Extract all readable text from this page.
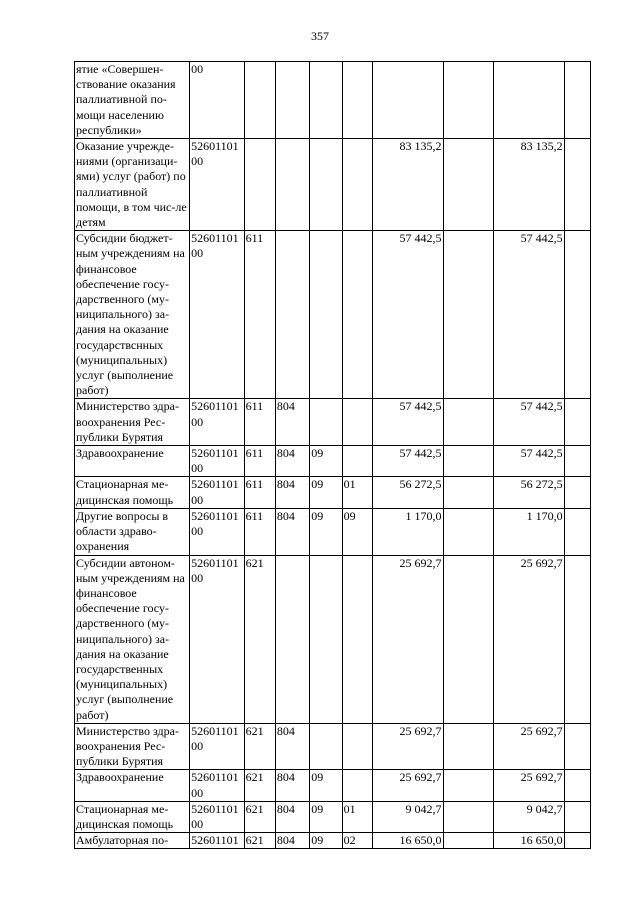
357
ятие «Совершен-ствование оказания паллиативной по-мощи населению республики»	00								
Оказание учрежде-ниями (организаци-ями) услуг (работ) по паллиативной помощи, в том чис-ле детям	52601101 00					83 135,2		83 135,2	
Субсидии бюджет-ным учреждениям на финансовое обеспечение госу-дарственного (му-ниципального) за-дания на оказание государствснных (муниципальных) услуг (выполнение работ)	52601101 00	611				57 442,5		57 442,5	
Министерство здра-воохранения Рес-публики Бурятия	52601101 00	611	804			57 442,5		57 442,5	
Здравоохранение	52601101 00	611	804	09		57 442,5		57 442,5	
Стационарная ме-дицинская помощь	52601101 00	611	804	09	01	56 272,5		56 272,5	
Другие вопросы в области здраво-охранения	52601101 00	611	804	09	09	1 170,0		1 170,0	
Субсидии автоном-ным учреждениям на финансовое обеспечение госу-дарственного (му-ниципального) за-дания на оказание государственных (муниципальных) услуг (выполнение работ)	52601101 00	621				25 692,7		25 692,7	
Министерство здра-воохранения Рес-публики Бурятия	52601101 00	621	804			25 692,7		25 692,7	
Здравоохранение	52601101 00	621	804	09		25 692,7		25 692,7	
Стационарная ме-дицинская помощь	52601101 00	621	804	09	01	9 042,7		9 042,7	
Амбулаторная по-	52601101	621	804	09	02	16 650,0		16 650,0	
